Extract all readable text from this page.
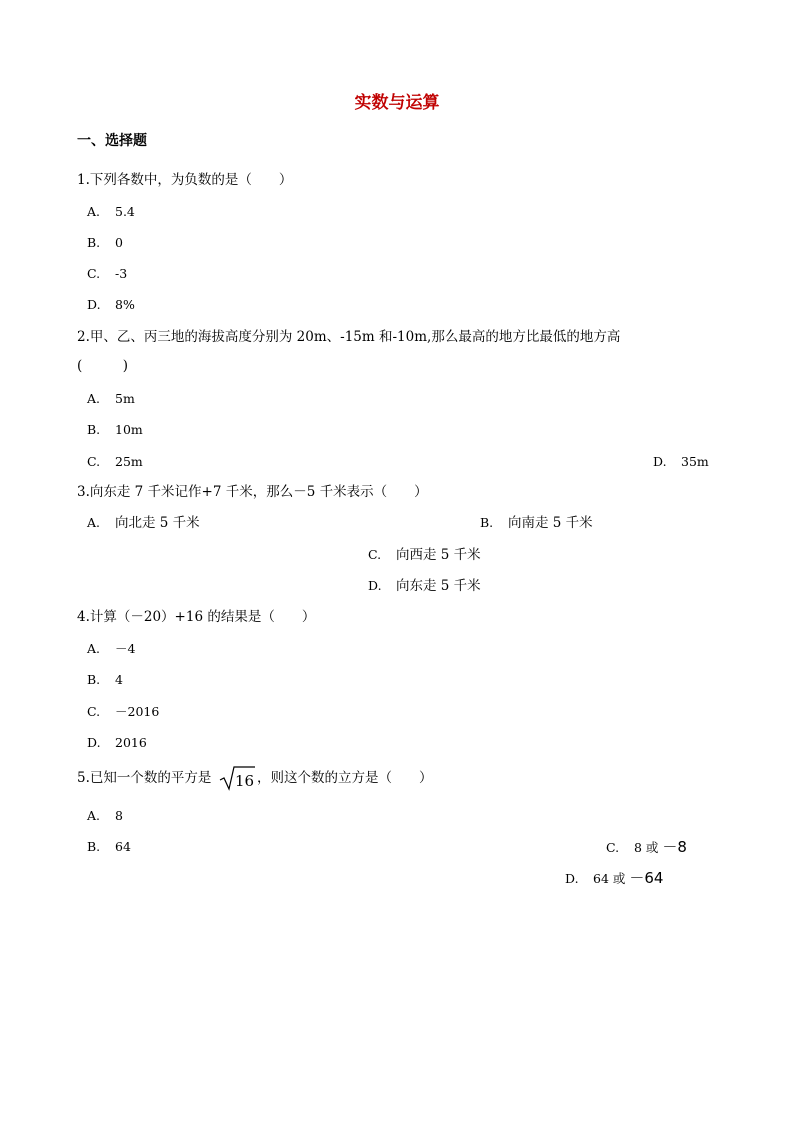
实数与运算
一、选择题
1.下列各数中，为负数的是（　　）
A. 5.4
B. 0
C. -3
D. 8%
2.甲、乙、丙三地的海拔高度分别为 20m、-15m 和-10m,那么最高的地方比最低的地方高
(　　　)
A. 5m
B. 10m
C. 25m	D. 35m
3.向东走 7 千米记作+7 千米，那么－5 千米表示（　　）
A. 向北走 5 千米	B. 向南走 5 千米
C. 向西走 5 千米
D. 向东走 5 千米
4.计算（－20）+16 的结果是（　　）
A. －4
B. 4
C. －2016
D. 2016
5.已知一个数的平方是 16 ，则这个数的立方是（　　）
A. 8
B. 64	C. 8 或 －8
D. 64 或 －64
